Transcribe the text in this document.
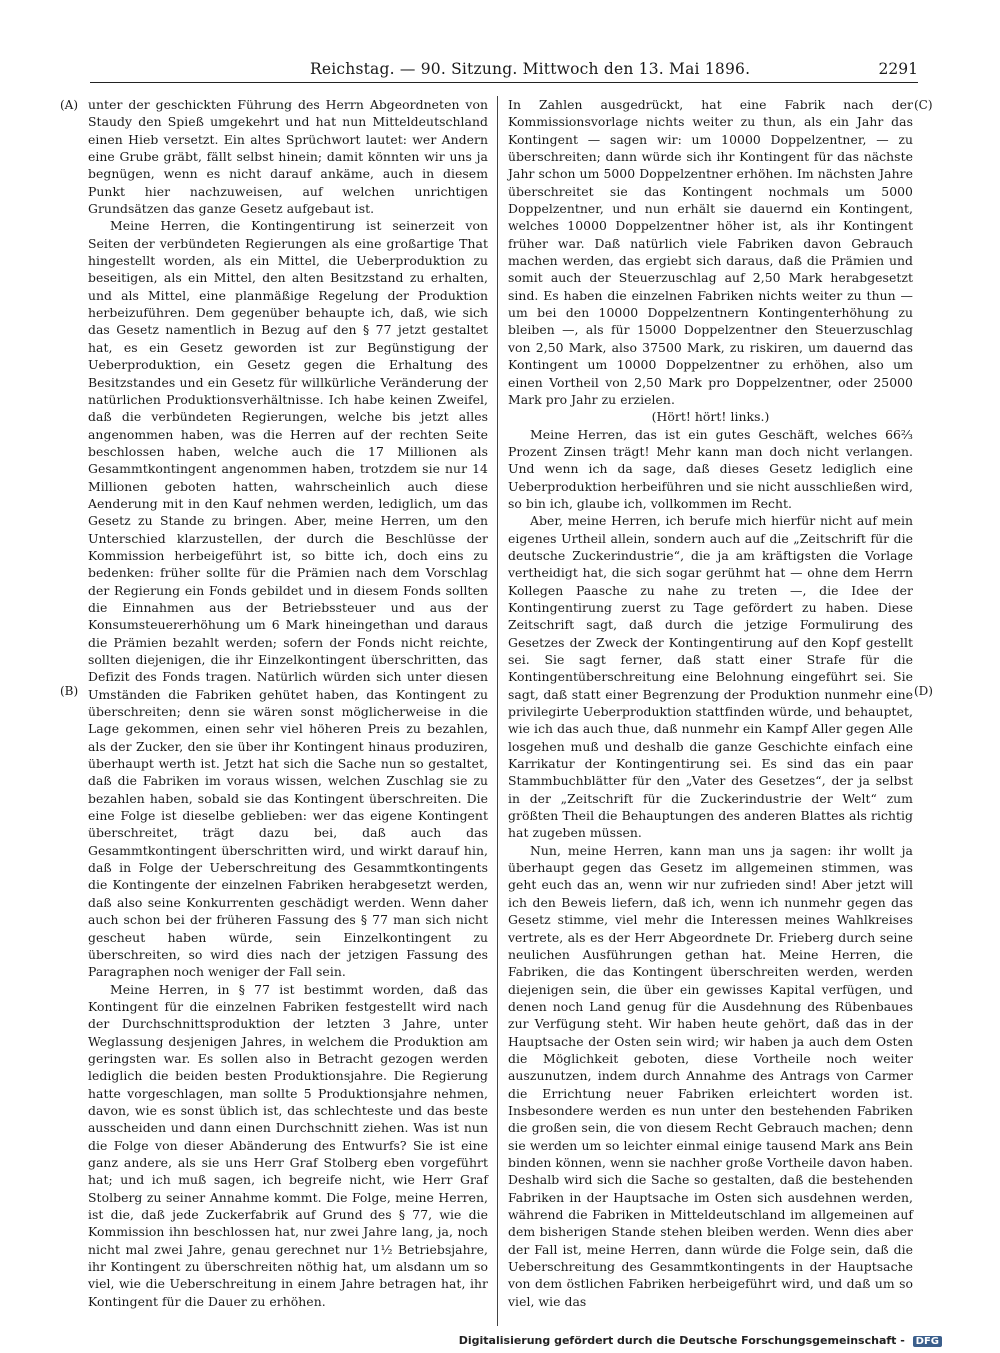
Reichstag. — 90. Sitzung. Mittwoch den 13. Mai 1896.	2291
(A)
(B)
(C)
(D)

unter der geschickten Führung des Herrn Abgeordneten von Staudy den Spieß umgekehrt und hat nun Mitteldeutschland einen Hieb versetzt. Ein altes Sprüchwort lautet: wer Andern eine Grube gräbt, fällt selbst hinein; damit könnten wir uns ja begnügen, wenn es nicht darauf ankäme, auch in diesem Punkt hier nachzuweisen, auf welchen unrichtigen Grundsätzen das ganze Gesetz aufgebaut ist.

Meine Herren, die Kontingentirung ist seinerzeit von Seiten der verbündeten Regierungen als eine großartige That hingestellt worden, als ein Mittel, die Ueberproduktion zu beseitigen, als ein Mittel, den alten Besitzstand zu erhalten, und als Mittel, eine planmäßige Regelung der Produktion herbeizuführen. Dem gegenüber behaupte ich, daß, wie sich das Gesetz namentlich in Bezug auf den § 77 jetzt gestaltet hat, es ein Gesetz geworden ist zur Begünstigung der Ueberproduktion, ein Gesetz gegen die Erhaltung des Besitzstandes und ein Gesetz für willkürliche Veränderung der natürlichen Produktionsverhältnisse. Ich habe keinen Zweifel, daß die verbündeten Regierungen, welche bis jetzt alles angenommen haben, was die Herren auf der rechten Seite beschlossen haben, welche auch die 17 Millionen als Gesammtkontingent angenommen haben, trotzdem sie nur 14 Millionen geboten hatten, wahrscheinlich auch diese Aenderung mit in den Kauf nehmen werden, lediglich, um das Gesetz zu Stande zu bringen. Aber, meine Herren, um den Unterschied klarzustellen, der durch die Beschlüsse der Kommission herbeigeführt ist, so bitte ich, doch eins zu bedenken: früher sollte für die Prämien nach dem Vorschlag der Regierung ein Fonds gebildet und in diesem Fonds sollten die Einnahmen aus der Betriebssteuer und aus der Konsumsteuererhöhung um 6 Mark hineingethan und daraus die Prämien bezahlt werden; sofern der Fonds nicht reichte, sollten diejenigen, die ihr Einzelkontingent überschritten, das Defizit des Fonds tragen. Natürlich würden sich unter diesen Umständen die Fabriken gehütet haben, das Kontingent zu überschreiten; denn sie wären sonst möglicherweise in die Lage gekommen, einen sehr viel höheren Preis zu bezahlen, als der Zucker, den sie über ihr Kontingent hinaus produziren, überhaupt werth ist. Jetzt hat sich die Sache nun so gestaltet, daß die Fabriken im voraus wissen, welchen Zuschlag sie zu bezahlen haben, sobald sie das Kontingent überschreiten. Die eine Folge ist dieselbe geblieben: wer das eigene Kontingent überschreitet, trägt dazu bei, daß auch das Gesammtkontingent überschritten wird, und wirkt darauf hin, daß in Folge der Ueberschreitung des Gesammtkontingents die Kontingente der einzelnen Fabriken herabgesetzt werden, daß also seine Konkurrenten geschädigt werden. Wenn daher auch schon bei der früheren Fassung des § 77 man sich nicht gescheut haben würde, sein Einzelkontingent zu überschreiten, so wird dies nach der jetzigen Fassung des Paragraphen noch weniger der Fall sein.

Meine Herren, in § 77 ist bestimmt worden, daß das Kontingent für die einzelnen Fabriken festgestellt wird nach der Durchschnittsproduktion der letzten 3 Jahre, unter Weglassung desjenigen Jahres, in welchem die Produktion am geringsten war. Es sollen also in Betracht gezogen werden lediglich die beiden besten Produktionsjahre. Die Regierung hatte vorgeschlagen, man sollte 5 Produktionsjahre nehmen, davon, wie es sonst üblich ist, das schlechteste und das beste ausscheiden und dann einen Durchschnitt ziehen. Was ist nun die Folge von dieser Abänderung des Entwurfs? Sie ist eine ganz andere, als sie uns Herr Graf Stolberg eben vorgeführt hat; und ich muß sagen, ich begreife nicht, wie Herr Graf Stolberg zu seiner Annahme kommt. Die Folge, meine Herren, ist die, daß jede Zuckerfabrik auf Grund des § 77, wie die Kommission ihn beschlossen hat, nur zwei Jahre lang, ja, noch nicht mal zwei Jahre, genau gerechnet nur 1½ Betriebsjahre, ihr Kontingent zu überschreiten nöthig hat, um alsdann um so viel, wie die Ueberschreitung in einem Jahre betragen hat, ihr Kontingent für die Dauer zu erhöhen.

In Zahlen ausgedrückt, hat eine Fabrik nach der Kommissionsvorlage nichts weiter zu thun, als ein Jahr das Kontingent — sagen wir: um 10000 Doppelzentner, — zu überschreiten; dann würde sich ihr Kontingent für das nächste Jahr schon um 5000 Doppelzentner erhöhen. Im nächsten Jahre überschreitet sie das Kontingent nochmals um 5000 Doppelzentner, und nun erhält sie dauernd ein Kontingent, welches 10000 Doppelzentner höher ist, als ihr Kontingent früher war. Daß natürlich viele Fabriken davon Gebrauch machen werden, das ergiebt sich daraus, daß die Prämien und somit auch der Steuerzuschlag auf 2,50 Mark herabgesetzt sind. Es haben die einzelnen Fabriken nichts weiter zu thun — um bei den 10000 Doppelzentnern Kontingenterhöhung zu bleiben —, als für 15000 Doppelzentner den Steuerzuschlag von 2,50 Mark, also 37500 Mark, zu riskiren, um dauernd das Kontingent um 10000 Doppelzentner zu erhöhen, also um einen Vortheil von 2,50 Mark pro Doppelzentner, oder 25000 Mark pro Jahr zu erzielen.

(Hört! hört! links.)

Meine Herren, das ist ein gutes Geschäft, welches 66⅔ Prozent Zinsen trägt! Mehr kann man doch nicht verlangen. Und wenn ich da sage, daß dieses Gesetz lediglich eine Ueberproduktion herbeiführen und sie nicht ausschließen wird, so bin ich, glaube ich, vollkommen im Recht.

Aber, meine Herren, ich berufe mich hierfür nicht auf mein eigenes Urtheil allein, sondern auch auf die „Zeitschrift für die deutsche Zuckerindustrie“, die ja am kräftigsten die Vorlage vertheidigt hat, die sich sogar gerühmt hat — ohne dem Herrn Kollegen Paasche zu nahe zu treten —, die Idee der Kontingentirung zuerst zu Tage gefördert zu haben. Diese Zeitschrift sagt, daß durch die jetzige Formulirung des Gesetzes der Zweck der Kontingentirung auf den Kopf gestellt sei. Sie sagt ferner, daß statt einer Strafe für die Kontingentüberschreitung eine Belohnung eingeführt sei. Sie sagt, daß statt einer Begrenzung der Produktion nunmehr eine privilegirte Ueberproduktion stattfinden würde, und behauptet, wie ich das auch thue, daß nunmehr ein Kampf Aller gegen Alle losgehen muß und deshalb die ganze Geschichte einfach eine Karrikatur der Kontingentirung sei. Es sind das ein paar Stammbuchblätter für den „Vater des Gesetzes“, der ja selbst in der „Zeitschrift für die Zuckerindustrie der Welt“ zum größten Theil die Behauptungen des anderen Blattes als richtig hat zugeben müssen.

Nun, meine Herren, kann man uns ja sagen: ihr wollt ja überhaupt gegen das Gesetz im allgemeinen stimmen, was geht euch das an, wenn wir nur zufrieden sind! Aber jetzt will ich den Beweis liefern, daß ich, wenn ich nunmehr gegen das Gesetz stimme, viel mehr die Interessen meines Wahlkreises vertrete, als es der Herr Abgeordnete Dr. Frieberg durch seine neulichen Ausführungen gethan hat. Meine Herren, die Fabriken, die das Kontingent überschreiten werden, werden diejenigen sein, die über ein gewisses Kapital verfügen, und denen noch Land genug für die Ausdehnung des Rübenbaues zur Verfügung steht. Wir haben heute gehört, daß das in der Hauptsache der Osten sein wird; wir haben ja auch dem Osten die Möglichkeit geboten, diese Vortheile noch weiter auszunutzen, indem durch Annahme des Antrags von Carmer die Errichtung neuer Fabriken erleichtert worden ist. Insbesondere werden es nun unter den bestehenden Fabriken die großen sein, die von diesem Recht Gebrauch machen; denn sie werden um so leichter einmal einige tausend Mark ans Bein binden können, wenn sie nachher große Vortheile davon haben. Deshalb wird sich die Sache so gestalten, daß die bestehenden Fabriken in der Hauptsache im Osten sich ausdehnen werden, während die Fabriken in Mitteldeutschland im allgemeinen auf dem bisherigen Stande stehen bleiben werden. Wenn dies aber der Fall ist, meine Herren, dann würde die Folge sein, daß die Ueberschreitung des Gesammtkontingents in der Hauptsache von dem östlichen Fabriken herbeigeführt wird, und daß um so viel, wie das

Digitalisierung gefördert durch die Deutsche Forschungsgemeinschaft - DFG
